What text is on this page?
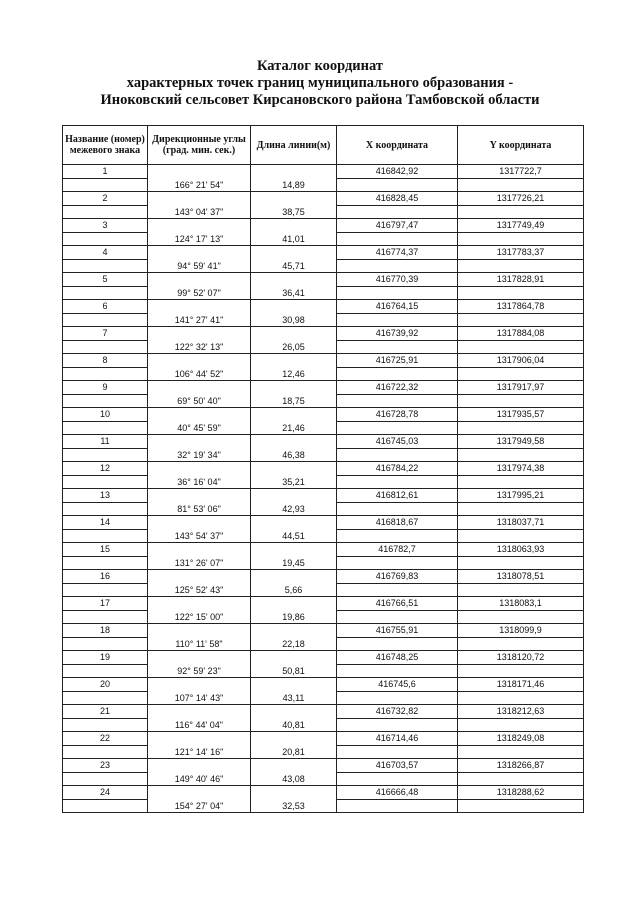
Каталог координат
характерных точек границ муниципального образования -
Иноковский сельсовет Кирсановского района Тамбовской области
Название (номер) межевого знака	Дирекционные углы (град. мин. сек.)	Длина линии(м)	X координата	Y координата
1			416842,92	1317722,7
	166° 21' 54"	14,89		
2			416828,45	1317726,21
	143° 04' 37"	38,75		
3			416797,47	1317749,49
	124° 17' 13"	41,01		
4			416774,37	1317783,37
	94° 59' 41"	45,71		
5			416770,39	1317828,91
	99° 52' 07"	36,41		
6			416764,15	1317864,78
	141° 27' 41"	30,98		
7			416739,92	1317884,08
	122° 32' 13"	26,05		
8			416725,91	1317906,04
	106° 44' 52"	12,46		
9			416722,32	1317917,97
	69° 50' 40"	18,75		
10			416728,78	1317935,57
	40° 45' 59"	21,46		
11			416745,03	1317949,58
	32° 19' 34"	46,38		
12			416784,22	1317974,38
	36° 16' 04"	35,21		
13			416812,61	1317995,21
	81° 53' 06"	42,93		
14			416818,67	1318037,71
	143° 54' 37"	44,51		
15			416782,7	1318063,93
	131° 26' 07"	19,45		
16			416769,83	1318078,51
	125° 52' 43"	5,66		
17			416766,51	1318083,1
	122° 15' 00"	19,86		
18			416755,91	1318099,9
	110° 11' 58"	22,18		
19			416748,25	1318120,72
	92° 59' 23"	50,81		
20			416745,6	1318171,46
	107° 14' 43"	43,11		
21			416732,82	1318212,63
	116° 44' 04"	40,81		
22			416714,46	1318249,08
	121° 14' 16"	20,81		
23			416703,57	1318266,87
	149° 40' 46"	43,08		
24			416666,48	1318288,62
	154° 27' 04"	32,53		
